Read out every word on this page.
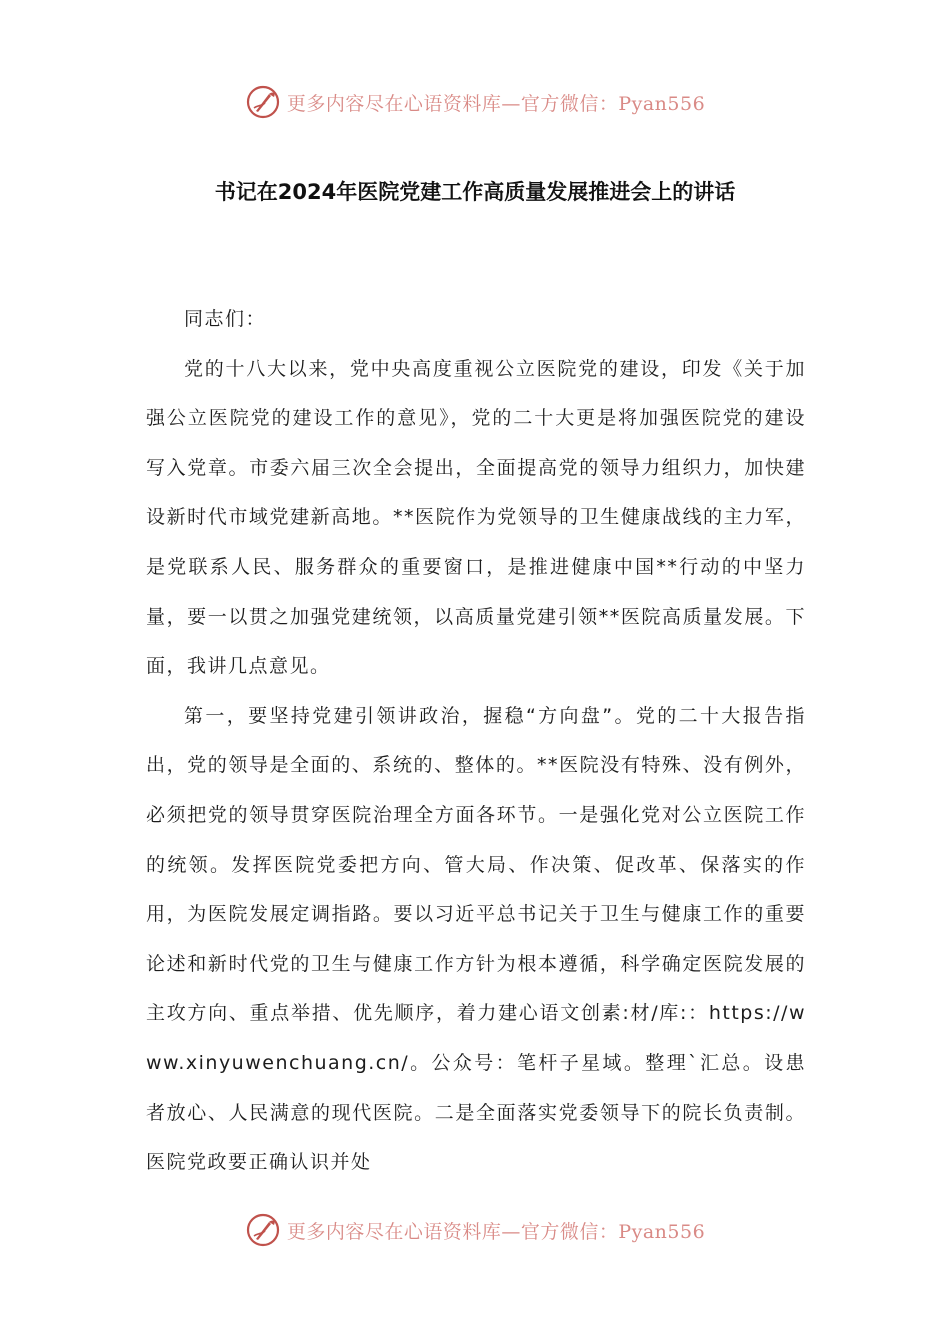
更多内容尽在心语资料库—官方微信：Pyan556
书记在2024年医院党建工作高质量发展推进会上的讲话

同志们：

党的十八大以来，党中央高度重视公立医院党的建设，印发《关于加强公立医院党的建设工作的意见》，党的二十大更是将加强医院党的建设写入党章。市委六届三次全会提出，全面提高党的领导力组织力，加快建设新时代市域党建新高地。**医院作为党领导的卫生健康战线的主力军，是党联系人民、服务群众的重要窗口，是推进健康中国**行动的中坚力量，要一以贯之加强党建统领，以高质量党建引领**医院高质量发展。下面，我讲几点意见。

第一，要坚持党建引领讲政治，握稳“方向盘”。党的二十大报告指出，党的领导是全面的、系统的、整体的。**医院没有特殊、没有例外，必须把党的领导贯穿医院治理全方面各环节。一是强化党对公立医院工作的统领。发挥医院党委把方向、管大局、作决策、促改革、保落实的作用，为医院发展定调指路。要以习近平总书记关于卫生与健康工作的重要论述和新时代党的卫生与健康工作方针为根本遵循，科学确定医院发展的主攻方向、重点举措、优先顺序，着力建心语文创素:材/库:：https://www.xinyuwenchuang.cn/。公众号：笔杆子星域。整理`汇总。设患者放心、人民满意的现代医院。二是全面落实党委领导下的院长负责制。医院党政要正确认识并处

更多内容尽在心语资料库—官方微信：Pyan556
